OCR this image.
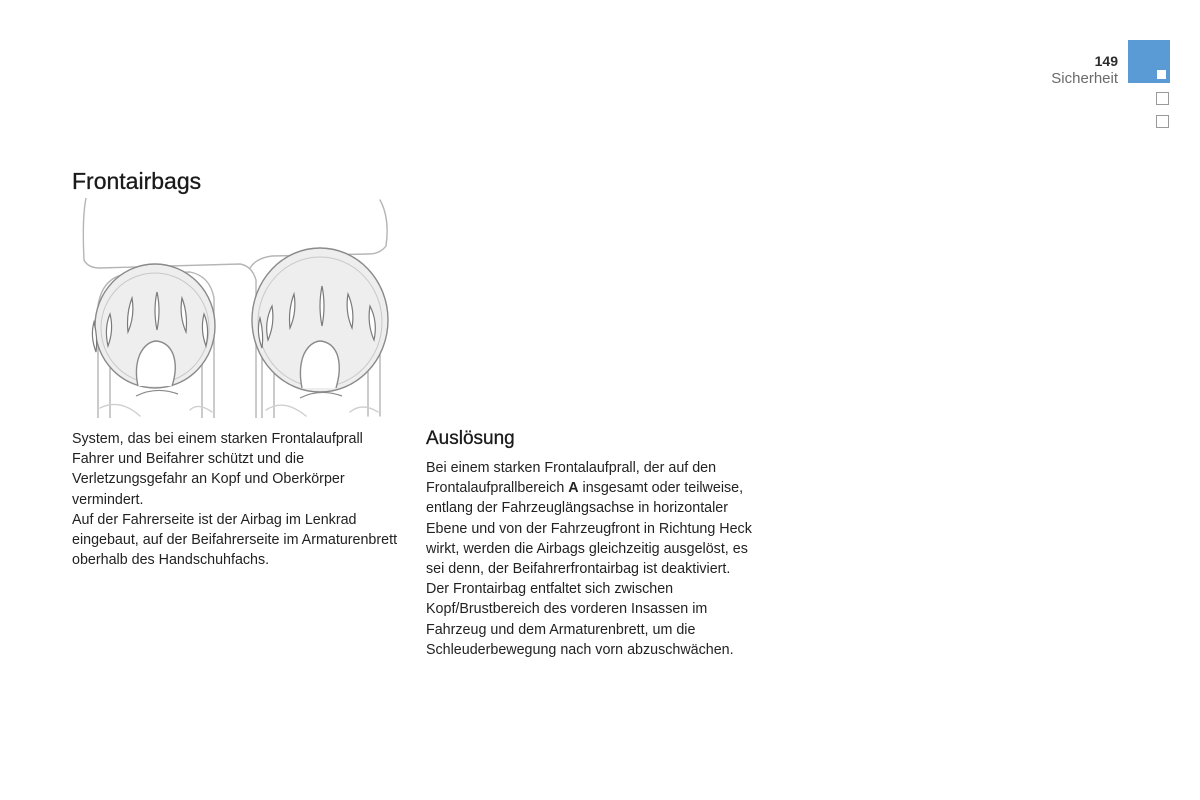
149
Sicherheit
Frontairbags

System, das bei einem starken Frontalaufprall Fahrer und Beifahrer schützt und die Verletzungsgefahr an Kopf und Oberkörper vermindert.

Auf der Fahrerseite ist der Airbag im Lenkrad eingebaut, auf der Beifahrerseite im Armaturenbrett oberhalb des Handschuhfachs.

Auslösung

Bei einem starken Frontalaufprall, der auf den Frontalaufprallbereich A insgesamt oder teilweise, entlang der Fahrzeuglängsachse in horizontaler Ebene und von der Fahrzeugfront in Richtung Heck wirkt, werden die Airbags gleichzeitig ausgelöst, es sei denn, der Beifahrerfrontairbag ist deaktiviert.

Der Frontairbag entfaltet sich zwischen Kopf/Brustbereich des vorderen Insassen im Fahrzeug und dem Armaturenbrett, um die Schleuderbewegung nach vorn abzuschwächen.
